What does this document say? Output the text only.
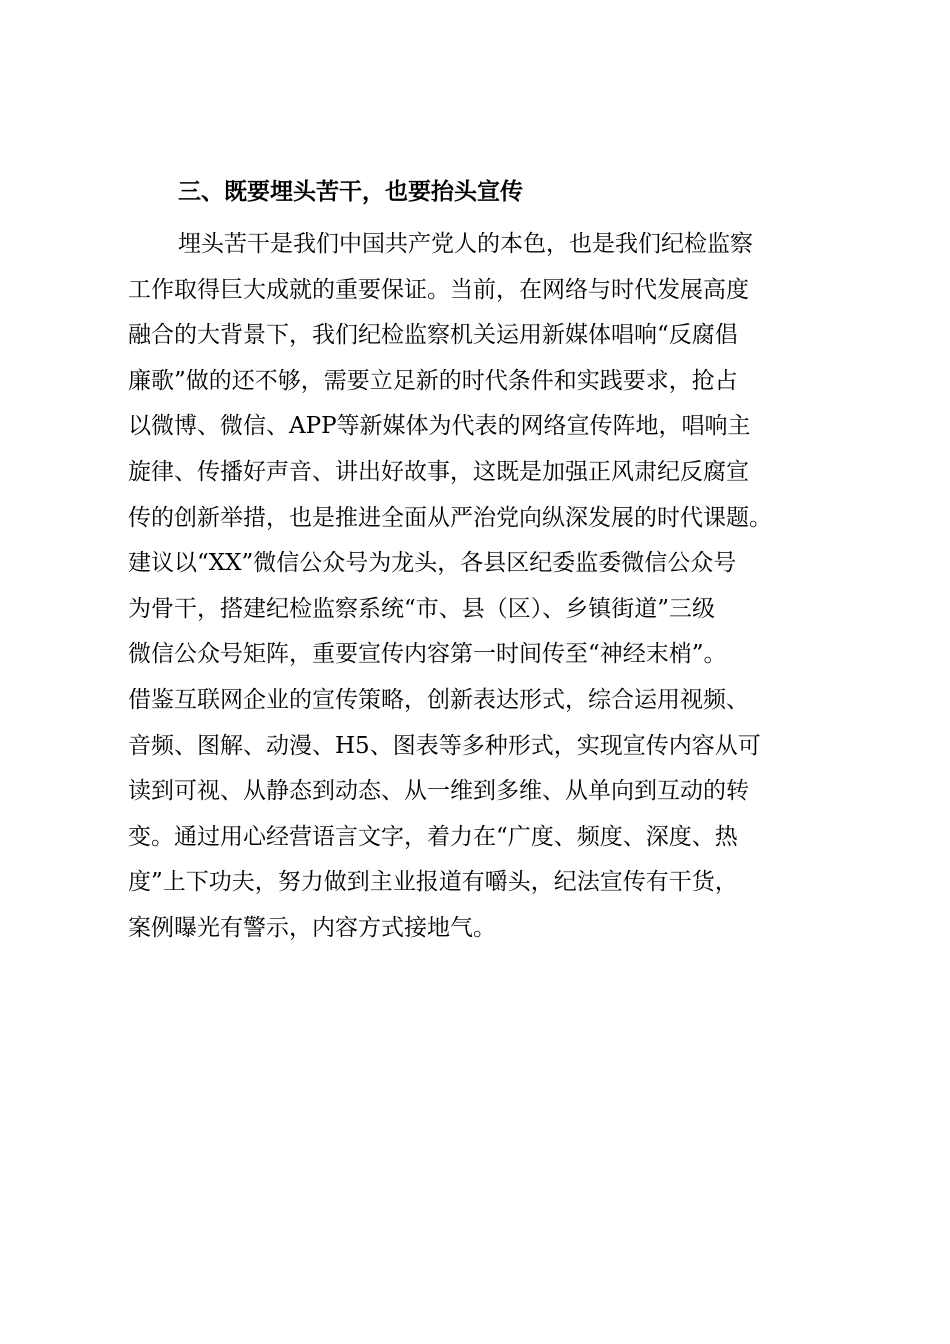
三、既要埋头苦干，也要抬头宣传
埋头苦干是我们中国共产党人的本色，也是我们纪检监察
工作取得巨大成就的重要保证。当前，在网络与时代发展高度
融合的大背景下，我们纪检监察机关运用新媒体唱响“反腐倡
廉歌”做的还不够，需要立足新的时代条件和实践要求，抢占
以微博、微信、APP等新媒体为代表的网络宣传阵地，唱响主
旋律、传播好声音、讲出好故事，这既是加强正风肃纪反腐宣
传的创新举措，也是推进全面从严治党向纵深发展的时代课题。
建议以“XX”微信公众号为龙头，各县区纪委监委微信公众号
为骨干，搭建纪检监察系统“市、县（区）、乡镇街道”三级
微信公众号矩阵，重要宣传内容第一时间传至“神经末梢”。
借鉴互联网企业的宣传策略，创新表达形式，综合运用视频、
音频、图解、动漫、H5、图表等多种形式，实现宣传内容从可
读到可视、从静态到动态、从一维到多维、从单向到互动的转
变。通过用心经营语言文字，着力在“广度、频度、深度、热
度”上下功夫，努力做到主业报道有嚼头，纪法宣传有干货，
案例曝光有警示，内容方式接地气。
